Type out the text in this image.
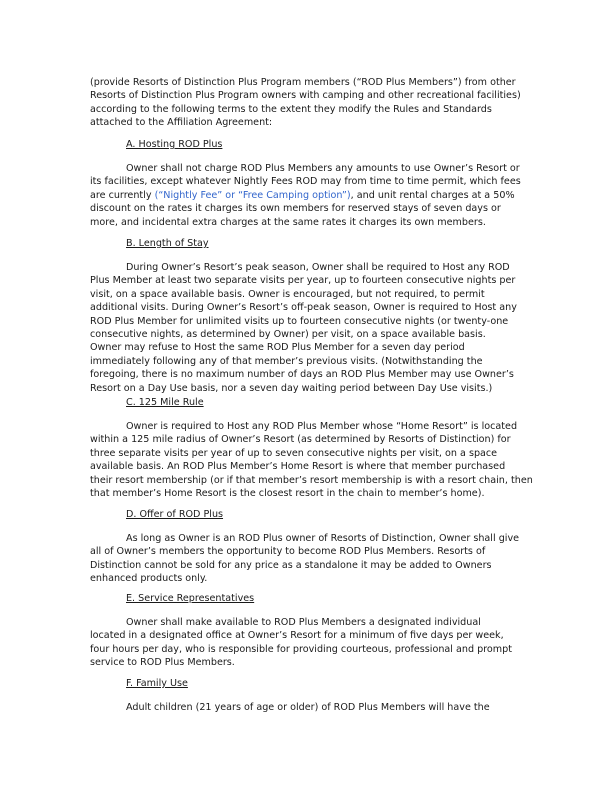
(provide Resorts of Distinction Plus Program members (“ROD Plus Members”) from other
Resorts of Distinction Plus Program owners with camping and other recreational facilities)
according to the following terms to the extent they modify the Rules and Standards
attached to the Affiliation Agreement:
A. Hosting ROD Plus
Owner shall not charge ROD Plus Members any amounts to use Owner’s Resort or
its facilities, except whatever Nightly Fees ROD may from time to time permit, which fees
are currently (“Nightly Fee” or “Free Camping option”), and unit rental charges at a 50%
discount on the rates it charges its own members for reserved stays of seven days or
more, and incidental extra charges at the same rates it charges its own members.
B. Length of Stay
During Owner’s Resort’s peak season, Owner shall be required to Host any ROD
Plus Member at least two separate visits per year, up to fourteen consecutive nights per
visit, on a space available basis. Owner is encouraged, but not required, to permit
additional visits. During Owner’s Resort’s off-peak season, Owner is required to Host any
ROD Plus Member for unlimited visits up to fourteen consecutive nights (or twenty-one
consecutive nights, as determined by Owner) per visit, on a space available basis.
Owner may refuse to Host the same ROD Plus Member for a seven day period
immediately following any of that member’s previous visits. (Notwithstanding the
foregoing, there is no maximum number of days an ROD Plus Member may use Owner’s
Resort on a Day Use basis, nor a seven day waiting period between Day Use visits.)
C. 125 Mile Rule
Owner is required to Host any ROD Plus Member whose “Home Resort” is located
within a 125 mile radius of Owner’s Resort (as determined by Resorts of Distinction) for
three separate visits per year of up to seven consecutive nights per visit, on a space
available basis. An ROD Plus Member’s Home Resort is where that member purchased
their resort membership (or if that member’s resort membership is with a resort chain, then
that member’s Home Resort is the closest resort in the chain to member’s home).
D. Offer of ROD Plus
As long as Owner is an ROD Plus owner of Resorts of Distinction, Owner shall give
all of Owner’s members the opportunity to become ROD Plus Members. Resorts of
Distinction cannot be sold for any price as a standalone it may be added to Owners
enhanced products only.
E. Service Representatives
Owner shall make available to ROD Plus Members a designated individual
located in a designated office at Owner’s Resort for a minimum of five days per week,
four hours per day, who is responsible for providing courteous, professional and prompt
service to ROD Plus Members.
F. Family Use
Adult children (21 years of age or older) of ROD Plus Members will have the
